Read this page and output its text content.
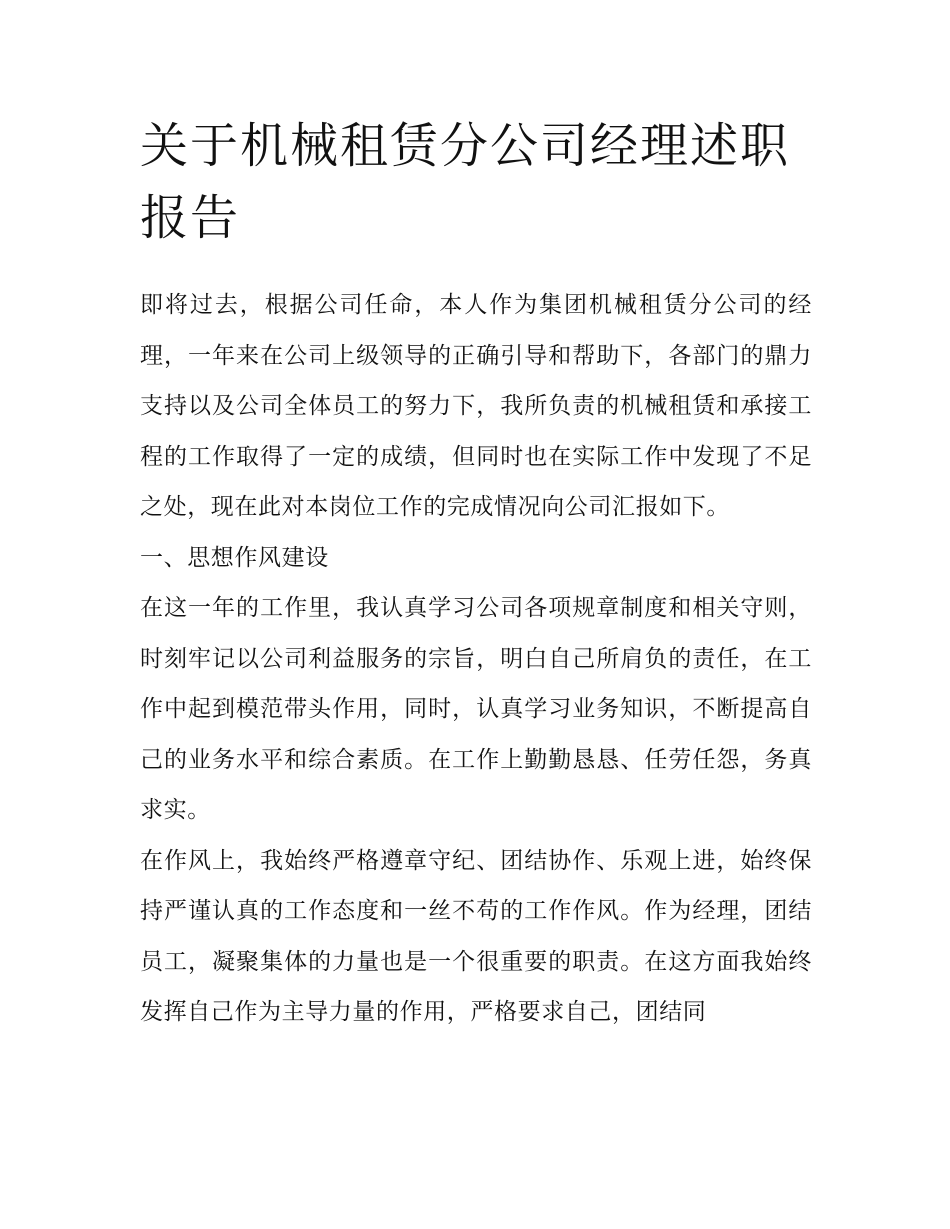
关于机械租赁分公司经理述职报告

即将过去，根据公司任命，本人作为集团机械租赁分公司的经理，一年来在公司上级领导的正确引导和帮助下，各部门的鼎力支持以及公司全体员工的努力下，我所负责的机械租赁和承接工程的工作取得了一定的成绩，但同时也在实际工作中发现了不足之处，现在此对本岗位工作的完成情况向公司汇报如下。

一、思想作风建设

在这一年的工作里，我认真学习公司各项规章制度和相关守则，时刻牢记以公司利益服务的宗旨，明白自己所肩负的责任，在工作中起到模范带头作用，同时，认真学习业务知识，不断提高自己的业务水平和综合素质。在工作上勤勤恳恳、任劳任怨，务真求实。

在作风上，我始终严格遵章守纪、团结协作、乐观上进，始终保持严谨认真的工作态度和一丝不苟的工作作风。作为经理，团结员工，凝聚集体的力量也是一个很重要的职责。在这方面我始终发挥自己作为主导力量的作用，严格要求自己，团结同
